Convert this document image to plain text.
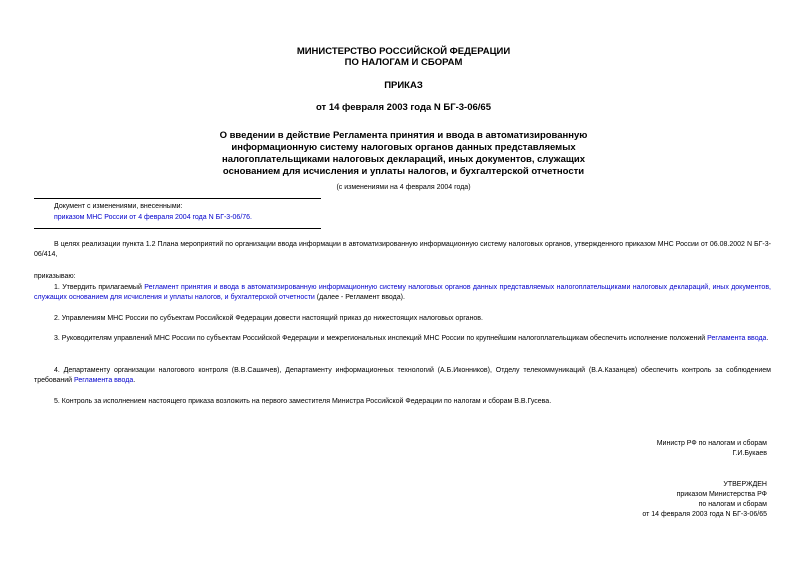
МИНИСТЕРСТВО РОССИЙСКОЙ ФЕДЕРАЦИИ
ПО НАЛОГАМ И СБОРАМ
ПРИКАЗ
от 14 февраля 2003 года N БГ-3-06/65
О введении в действие Регламента принятия и ввода в автоматизированную
информационную систему налоговых органов данных представляемых
налогоплательщиками налоговых деклараций, иных документов, служащих
основанием для исчисления и уплаты налогов, и бухгалтерской отчетности
(с изменениями на 4 февраля 2004 года)
Документ с изменениями, внесенными:
приказом МНС России от 4 февраля 2004 года N БГ-3-06/76.
В целях реализации пункта 1.2 Плана мероприятий по организации ввода информации в автоматизированную информационную систему налоговых органов, утвержденного приказом МНС России от 06.08.2002 N БГ-3-06/414,
приказываю:
1. Утвердить прилагаемый Регламент принятия и ввода в автоматизированную информационную систему налоговых органов данных представляемых налогоплательщиками налоговых деклараций, иных документов, служащих основанием для исчисления и уплаты налогов, и бухгалтерской отчетности (далее - Регламент ввода).
2. Управлениям МНС России по субъектам Российской Федерации довести настоящий приказ до нижестоящих налоговых органов.
3. Руководителям управлений МНС России по субъектам Российской Федерации и межрегиональных инспекций МНС России по крупнейшим налогоплательщикам обеспечить исполнение положений Регламента ввода.
4. Департаменту организации налогового контроля (В.В.Сашичев), Департаменту информационных технологий (А.Б.Иконников), Отделу телекоммуникаций (В.А.Казанцев) обеспечить контроль за соблюдением требований Регламента ввода.
5. Контроль за исполнением настоящего приказа возложить на первого заместителя Министра Российской Федерации по налогам и сборам В.В.Гусева.
Министр РФ по налогам и сборам
Г.И.Букаев
УТВЕРЖДЕН
приказом Министерства РФ
по налогам и сборам
от 14 февраля 2003 года N БГ-3-06/65
